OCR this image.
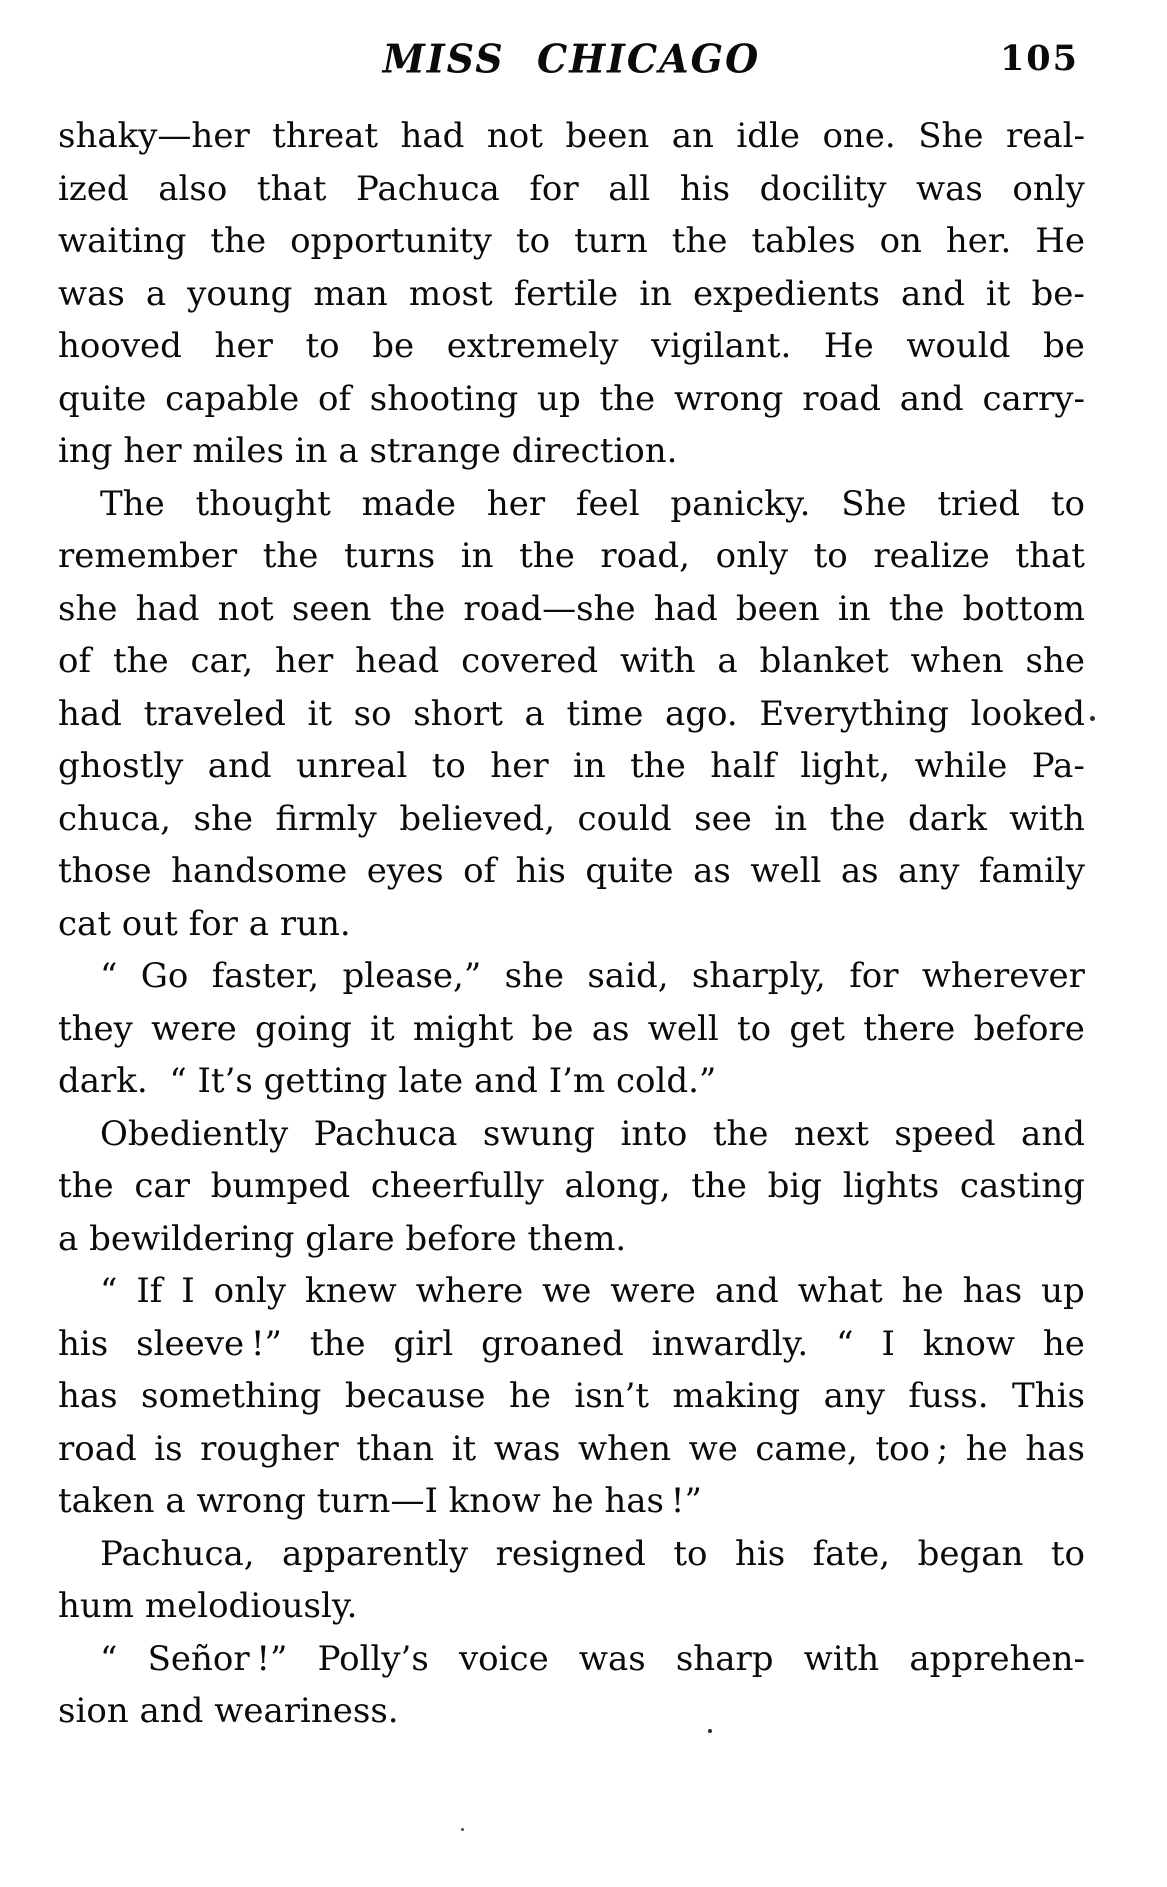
MISS CHICAGO	105
shaky—her threat had not been an idle one. She real-
ized also that Pachuca for all his docility was only
waiting the opportunity to turn the tables on her. He
was a young man most fertile in expedients and it be-
hooved her to be extremely vigilant. He would be
quite capable of shooting up the wrong road and carry-
ing her miles in a strange direction.
The thought made her feel panicky. She tried to
remember the turns in the road, only to realize that
she had not seen the road—she had been in the bottom
of the car, her head covered with a blanket when she
had traveled it so short a time ago. Everything looked
ghostly and unreal to her in the half light, while Pa-
chuca, she firmly believed, could see in the dark with
those handsome eyes of his quite as well as any family
cat out for a run.
“ Go faster, please,” she said, sharply, for wherever
they were going it might be as well to get there before
dark.  “ It’s getting late and I’m cold.”
Obediently Pachuca swung into the next speed and
the car bumped cheerfully along, the big lights casting
a bewildering glare before them.
“ If I only knew where we were and what he has up
his sleeve !” the girl groaned inwardly. “ I know he
has something because he isn’t making any fuss. This
road is rougher than it was when we came, too ; he has
taken a wrong turn—I know he has !”
Pachuca, apparently resigned to his fate, began to
hum melodiously.
“ Señor !” Polly’s voice was sharp with apprehen-
sion and weariness.
